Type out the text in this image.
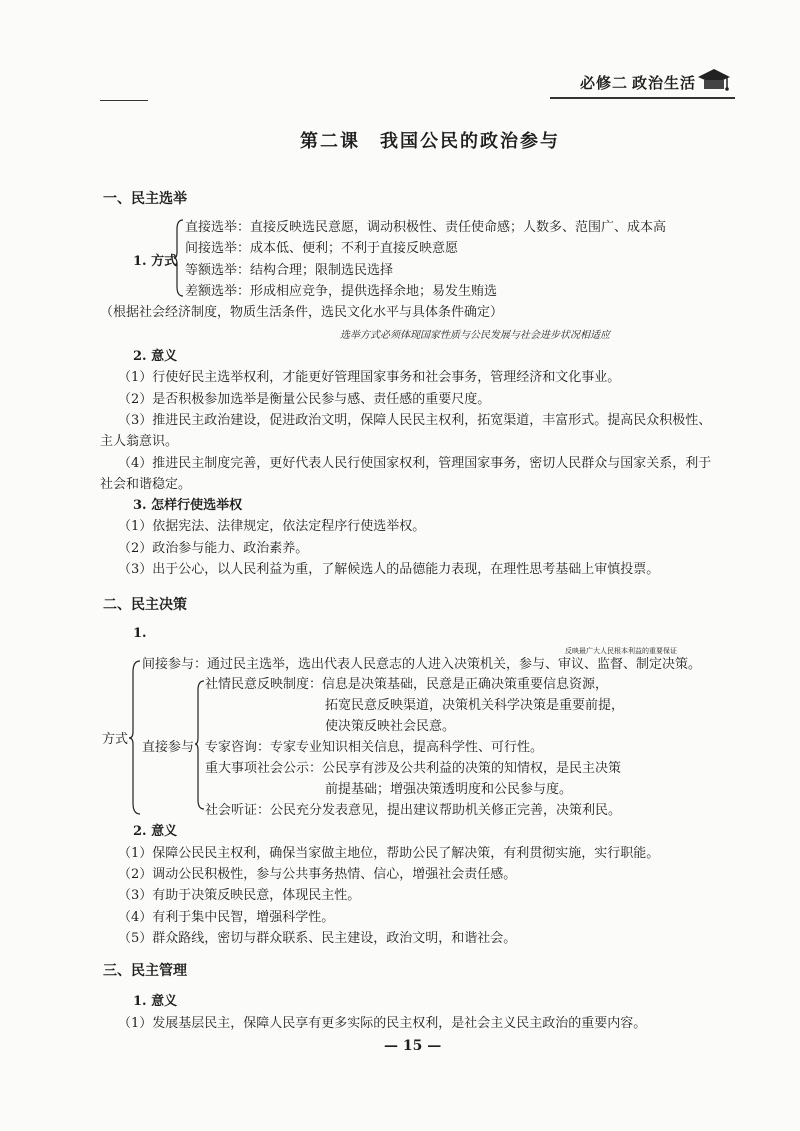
必修二 政治生活
第二课　我国公民的政治参与
一、民主选举
1. 方式
直接选举：直接反映选民意愿，调动积极性、责任使命感；人数多、范围广、成本高
间接选举：成本低、便利；不利于直接反映意愿
等额选举：结构合理；限制选民选择
差额选举：形成相应竞争，提供选择余地；易发生贿选
（根据社会经济制度，物质生活条件，选民文化水平与具体条件确定）
选举方式必须体现国家性质与公民发展与社会进步状况相适应
2. 意义
（1）行使好民主选举权利，才能更好管理国家事务和社会事务，管理经济和文化事业。
（2）是否积极参加选举是衡量公民参与感、责任感的重要尺度。
（3）推进民主政治建设，促进政治文明，保障人民民主权利，拓宽渠道，丰富形式。提高民众积极性、
主人翁意识。
（4）推进民主制度完善，更好代表人民行使国家权利，管理国家事务，密切人民群众与国家关系，利于
社会和谐稳定。
3. 怎样行使选举权
（1）依据宪法、法律规定，依法定程序行使选举权。
（2）政治参与能力、政治素养。
（3）出于公心，以人民利益为重，了解候选人的品德能力表现，在理性思考基础上审慎投票。
二、民主决策
1.
反映最广大人民根本利益的重要保证
方式
间接参与：通过民主选举，选出代表人民意志的人进入决策机关，参与、审议、监督、制定决策。
直接参与
社情民意反映制度：信息是决策基础，民意是正确决策重要信息资源，
拓宽民意反映渠道，决策机关科学决策是重要前提，
使决策反映社会民意。
专家咨询：专家专业知识相关信息，提高科学性、可行性。
重大事项社会公示：公民享有涉及公共利益的决策的知情权，是民主决策
前提基础；增强决策透明度和公民参与度。
社会听证：公民充分发表意见，提出建议帮助机关修正完善，决策利民。
2. 意义
（1）保障公民民主权利，确保当家做主地位，帮助公民了解决策，有利贯彻实施，实行职能。
（2）调动公民积极性，参与公共事务热情、信心，增强社会责任感。
（3）有助于决策反映民意，体现民主性。
（4）有利于集中民智，增强科学性。
（5）群众路线，密切与群众联系、民主建设，政治文明，和谐社会。
三、民主管理
1. 意义
（1）发展基层民主，保障人民享有更多实际的民主权利，是社会主义民主政治的重要内容。
— 15 —
